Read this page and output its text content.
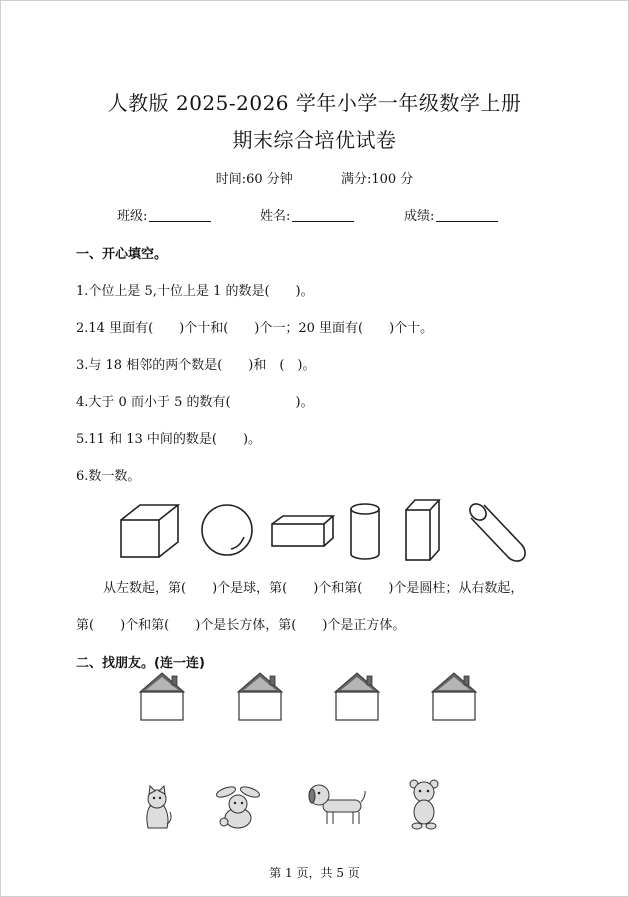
人教版 2025-2026 学年小学一年级数学上册
期末综合培优试卷
时间:60 分钟	满分:100 分
班级:	姓名:	成绩:
一、开心填空。
1.个位上是 5,十位上是 1 的数是(　　)。
2.14 里面有(　　)个十和(　　)个一；20 里面有(　　)个十。
3.与 18 相邻的两个数是(　　)和　(　)。
4.大于 0 而小于 5 的数有(　　　　　)。
5.11 和 13 中间的数是(　　)。
6.数一数。
从左数起，第(　　)个是球，第(　　)个和第(　　)个是圆柱；从右数起，
第(　　)个和第(　　)个是长方体，第(　　)个是正方体。
二、找朋友。(连一连)
第 1 页，共 5 页
